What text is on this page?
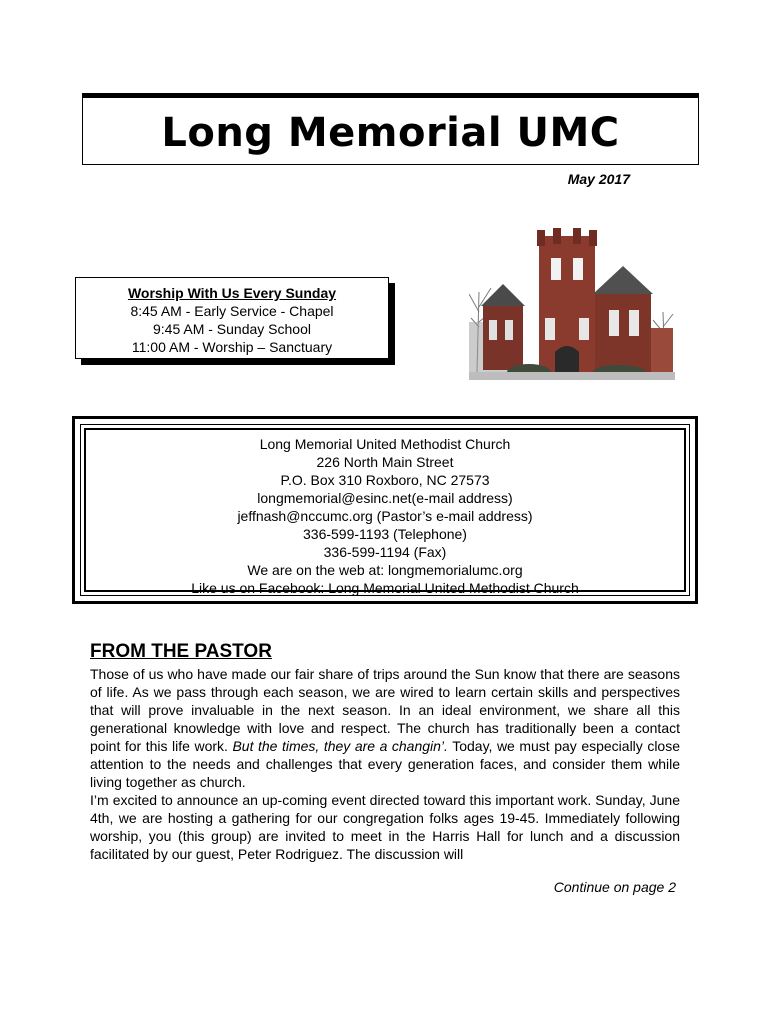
Long Memorial UMC
May 2017
Worship With Us Every Sunday
8:45 AM - Early Service - Chapel
9:45 AM - Sunday School
11:00 AM - Worship – Sanctuary
Long Memorial United Methodist Church
226 North Main Street
P.O. Box 310 Roxboro, NC 27573
longmemorial@esinc.net(e-mail address)
jeffnash@nccumc.org (Pastor’s e-mail address)
336-599-1193 (Telephone)
336-599-1194 (Fax)
We are on the web at: longmemorialumc.org
Like us on Facebook: Long Memorial United Methodist Church
FROM THE PASTOR

Those of us who have made our fair share of trips around the Sun know that there are seasons of life. As we pass through each season, we are wired to learn certain skills and perspectives that will prove invaluable in the next season. In an ideal environment, we share all this generational knowledge with love and respect. The church has traditionally been a contact point for this life work. But the times, they are a changin’. Today, we must pay especially close attention to the needs and challenges that every generation faces, and consider them while living together as church.

I’m excited to announce an up-coming event directed toward this important work. Sunday, June 4th, we are hosting a gathering for our congregation folks ages 19-45. Immediately following worship, you (this group) are invited to meet in the Harris Hall for lunch and a discussion facilitated by our guest, Peter Rodriguez. The discussion will

Continue on page 2
